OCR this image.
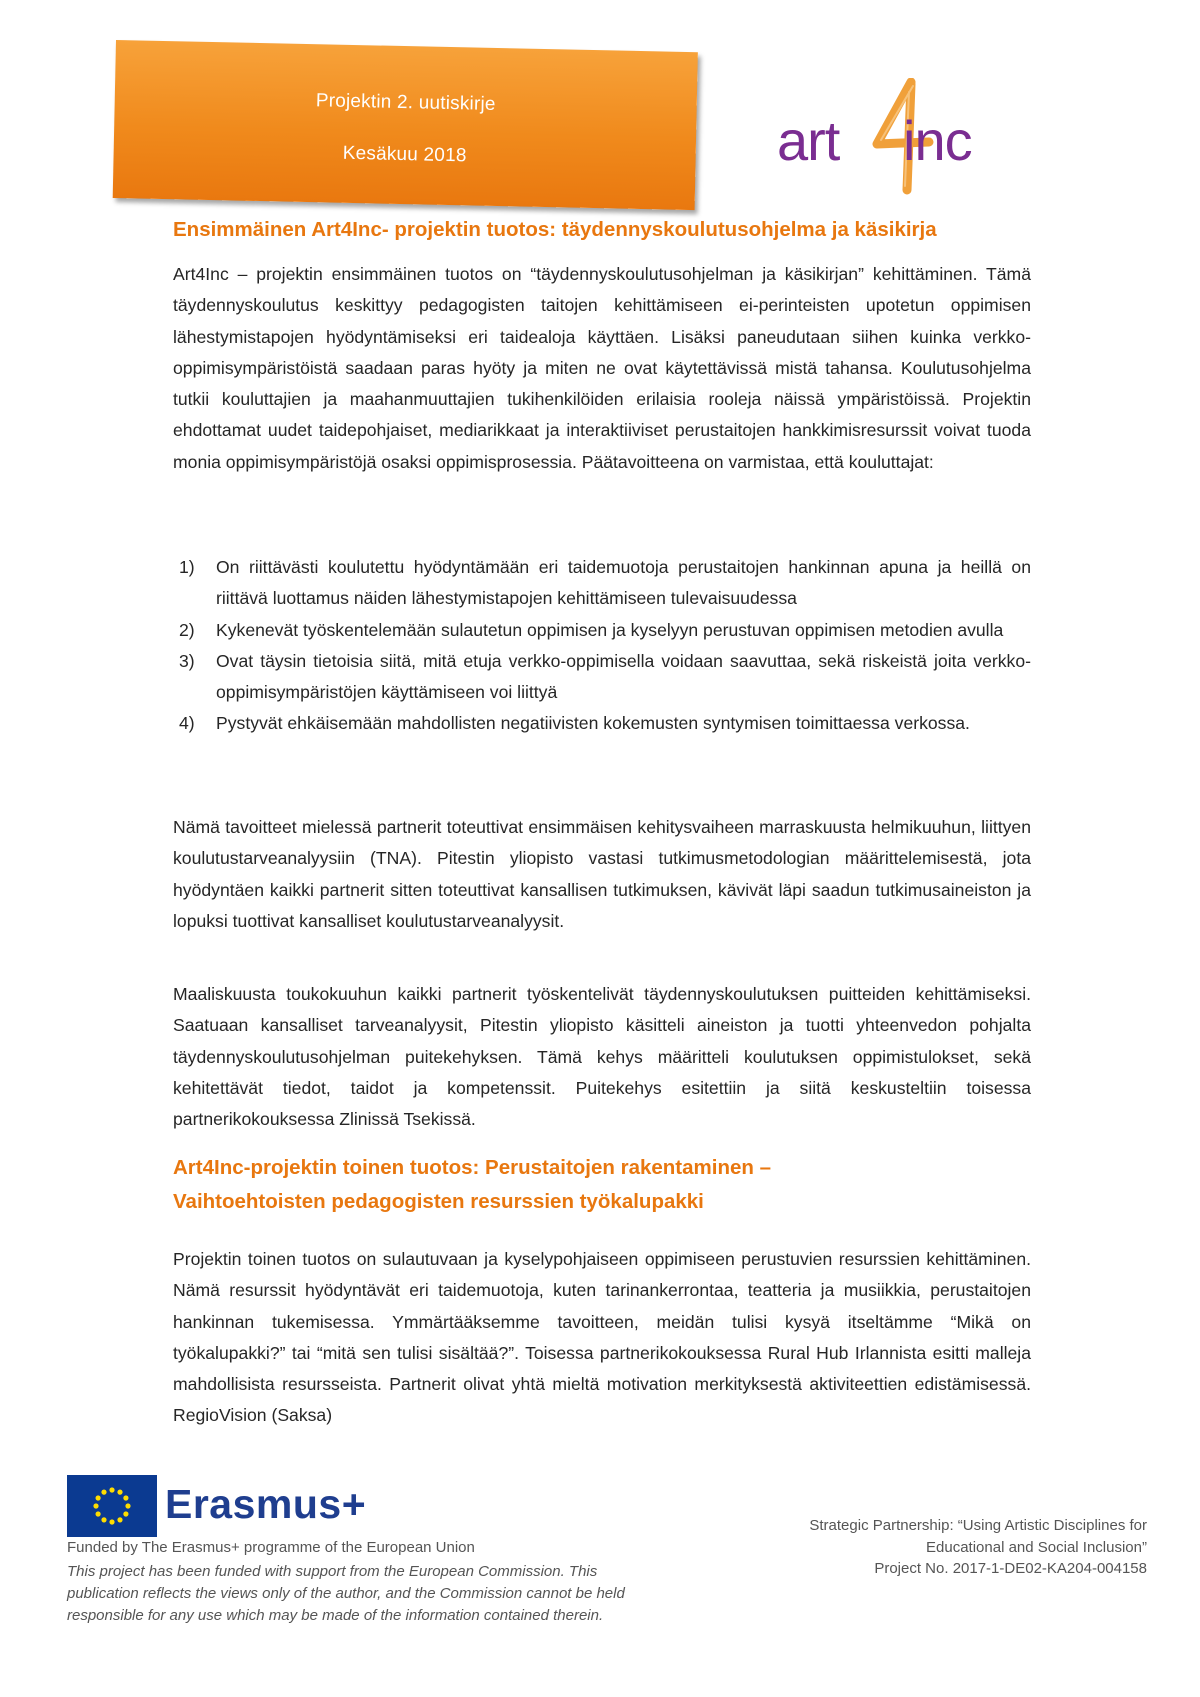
Projektin 2. uutiskirje
Kesäkuu 2018	art inc
Ensimmäinen Art4Inc- projektin tuotos: täydennyskoulutusohjelma ja käsikirja

Art4Inc – projektin ensimmäinen tuotos on “täydennyskoulutusohjelman ja käsikirjan” kehittäminen. Tämä täydennyskoulutus keskittyy pedagogisten taitojen kehittämiseen ei-perinteisten upotetun oppimisen lähestymistapojen hyödyntämiseksi eri taidealoja käyttäen. Lisäksi paneudutaan siihen kuinka verkko-oppimisympäristöistä saadaan paras hyöty ja miten ne ovat käytettävissä mistä tahansa. Koulutusohjelma tutkii kouluttajien ja maahanmuuttajien tukihenkilöiden erilaisia rooleja näissä ympäristöissä. Projektin ehdottamat uudet taidepohjaiset, mediarikkaat ja interaktiiviset perustaitojen hankkimisresurssit voivat tuoda monia oppimisympäristöjä osaksi oppimisprosessia. Päätavoitteena on varmistaa, että kouluttajat:

1) On riittävästi koulutettu hyödyntämään eri taidemuotoja perustaitojen hankinnan apuna ja heillä on riittävä luottamus näiden lähestymistapojen kehittämiseen tulevaisuudessa
2) Kykenevät työskentelemään sulautetun oppimisen ja kyselyyn perustuvan oppimisen metodien avulla
3) Ovat täysin tietoisia siitä, mitä etuja verkko-oppimisella voidaan saavuttaa, sekä riskeistä joita verkko-oppimisympäristöjen käyttämiseen voi liittyä
4) Pystyvät ehkäisemään mahdollisten negatiivisten kokemusten syntymisen toimittaessa verkossa.

Nämä tavoitteet mielessä partnerit toteuttivat ensimmäisen kehitysvaiheen marraskuusta helmikuuhun, liittyen koulutustarveanalyysiin (TNA). Pitestin yliopisto vastasi tutkimusmetodologian määrittelemisestä, jota hyödyntäen kaikki partnerit sitten toteuttivat kansallisen tutkimuksen, kävivät läpi saadun tutkimusaineiston ja lopuksi tuottivat kansalliset koulutustarveanalyysit.

Maaliskuusta toukokuuhun kaikki partnerit työskentelivät täydennyskoulutuksen puitteiden kehittämiseksi. Saatuaan kansalliset tarveanalyysit, Pitestin yliopisto käsitteli aineiston ja tuotti yhteenvedon pohjalta täydennyskoulutusohjelman puitekehyksen. Tämä kehys määritteli koulutuksen oppimistulokset, sekä kehitettävät tiedot, taidot ja kompetenssit. Puitekehys esitettiin ja siitä keskusteltiin toisessa partnerikokouksessa Zlinissä Tsekissä.

Art4Inc-projektin toinen tuotos: Perustaitojen rakentaminen –
Vaihtoehtoisten pedagogisten resurssien työkalupakki

Projektin toinen tuotos on sulautuvaan ja kyselypohjaiseen oppimiseen perustuvien resurssien kehittäminen. Nämä resurssit hyödyntävät eri taidemuotoja, kuten tarinankerrontaa, teatteria ja musiikkia, perustaitojen hankinnan tukemisessa. Ymmärtääksemme tavoitteen, meidän tulisi kysyä itseltämme “Mikä on työkalupakki?” tai “mitä sen tulisi sisältää?”. Toisessa partnerikokouksessa Rural Hub Irlannista esitti malleja mahdollisista resursseista. Partnerit olivat yhtä mieltä motivation merkityksestä aktiviteettien edistämisessä. RegioVision (Saksa)

Erasmus+
Funded by The Erasmus+ programme of the European Union
This project has been funded with support from the European Commission. This publication reflects the views only of the author, and the Commission cannot be held responsible for any use which may be made of the information contained therein.
Strategic Partnership: “Using Artistic Disciplines for
Educational and Social Inclusion”
Project No. 2017-1-DE02-KA204-004158
